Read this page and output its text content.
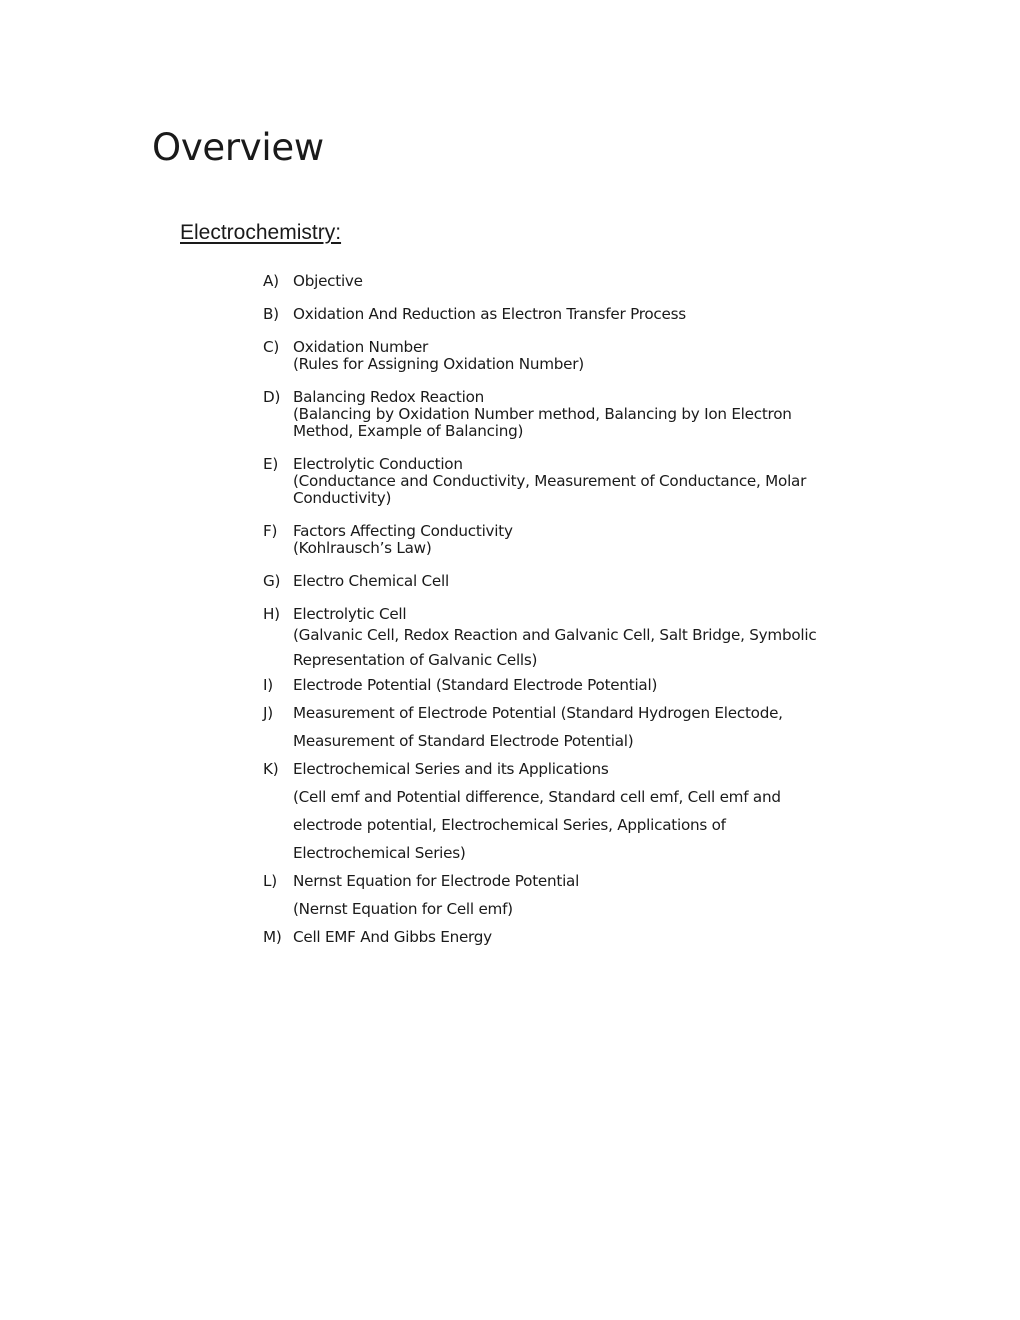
Overview
Electrochemistry:
A) Objective
B) Oxidation And Reduction as Electron Transfer Process
C) Oxidation Number
(Rules for Assigning Oxidation Number)
D) Balancing Redox Reaction
(Balancing by Oxidation Number method, Balancing by Ion Electron
Method, Example of Balancing)
E) Electrolytic Conduction
(Conductance and Conductivity, Measurement of Conductance, Molar
Conductivity)
F) Factors Affecting Conductivity
(Kohlrausch’s Law)
G) Electro Chemical Cell
H) Electrolytic Cell
(Galvanic Cell, Redox Reaction and Galvanic Cell, Salt Bridge, Symbolic
Representation of Galvanic Cells)
I) Electrode Potential (Standard Electrode Potential)
J) Measurement of Electrode Potential (Standard Hydrogen Electode,
Measurement of Standard Electrode Potential)
K) Electrochemical Series and its Applications
(Cell emf and Potential difference, Standard cell emf, Cell emf and
electrode potential, Electrochemical Series, Applications of
Electrochemical Series)
L) Nernst Equation for Electrode Potential
(Nernst Equation for Cell emf)
M) Cell EMF And Gibbs Energy
